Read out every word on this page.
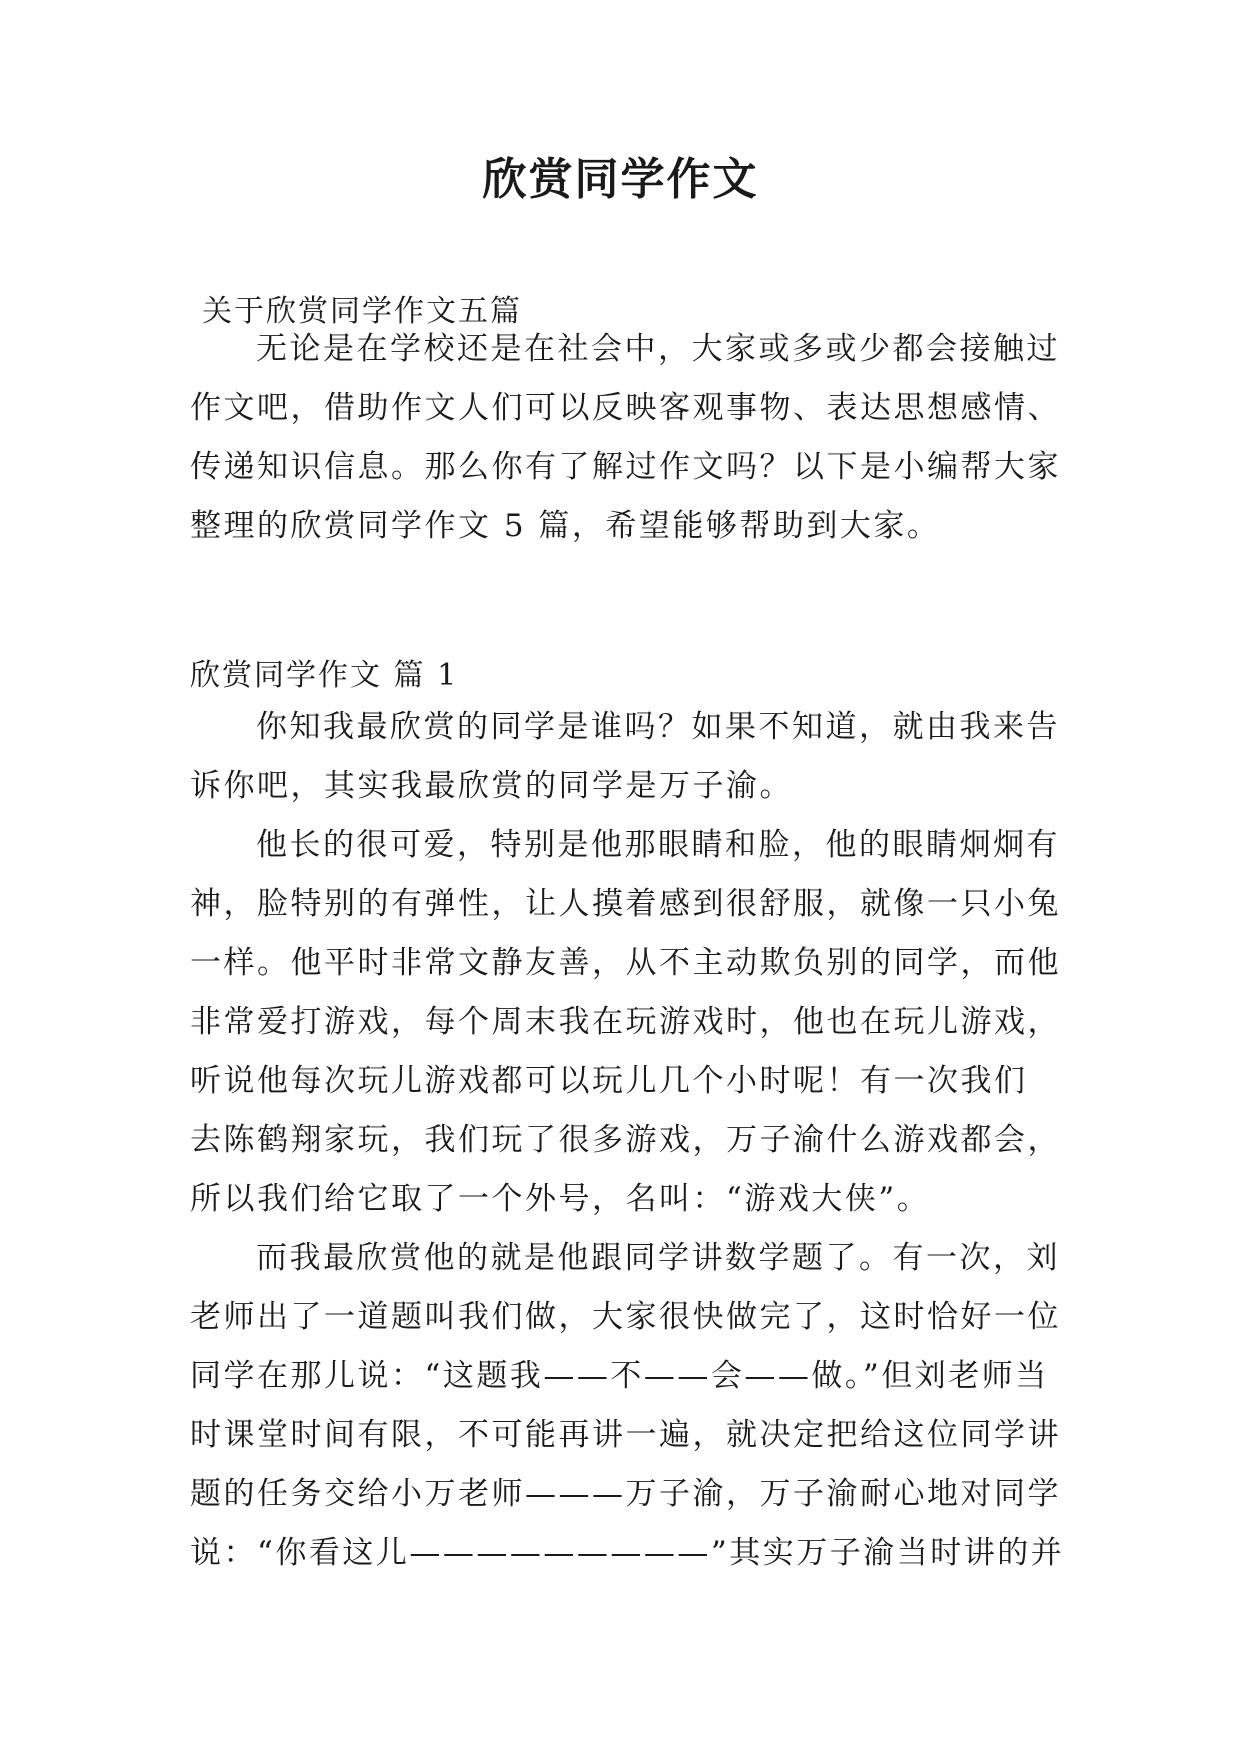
欣赏同学作文
关于欣赏同学作文五篇
无论是在学校还是在社会中，大家或多或少都会接触过
作文吧，借助作文人们可以反映客观事物、表达思想感情、
传递知识信息。那么你有了解过作文吗？以下是小编帮大家
整理的欣赏同学作文 5 篇，希望能够帮助到大家。
欣赏同学作文 篇 1
你知我最欣赏的同学是谁吗？如果不知道，就由我来告
诉你吧，其实我最欣赏的同学是万子渝。
他长的很可爱，特别是他那眼睛和脸，他的眼睛炯炯有
神，脸特别的有弹性，让人摸着感到很舒服，就像一只小兔
一样。他平时非常文静友善，从不主动欺负别的同学，而他
非常爱打游戏，每个周末我在玩游戏时，他也在玩儿游戏，
听说他每次玩儿游戏都可以玩儿几个小时呢！有一次我们
去陈鹤翔家玩，我们玩了很多游戏，万子渝什么游戏都会，
所以我们给它取了一个外号，名叫：“游戏大侠”。
而我最欣赏他的就是他跟同学讲数学题了。有一次，刘
老师出了一道题叫我们做，大家很快做完了，这时恰好一位
同学在那儿说：“这题我——不——会——做。”但刘老师当
时课堂时间有限，不可能再讲一遍，就决定把给这位同学讲
题的任务交给小万老师———万子渝，万子渝耐心地对同学
说：“你看这儿—————————”其实万子渝当时讲的并
